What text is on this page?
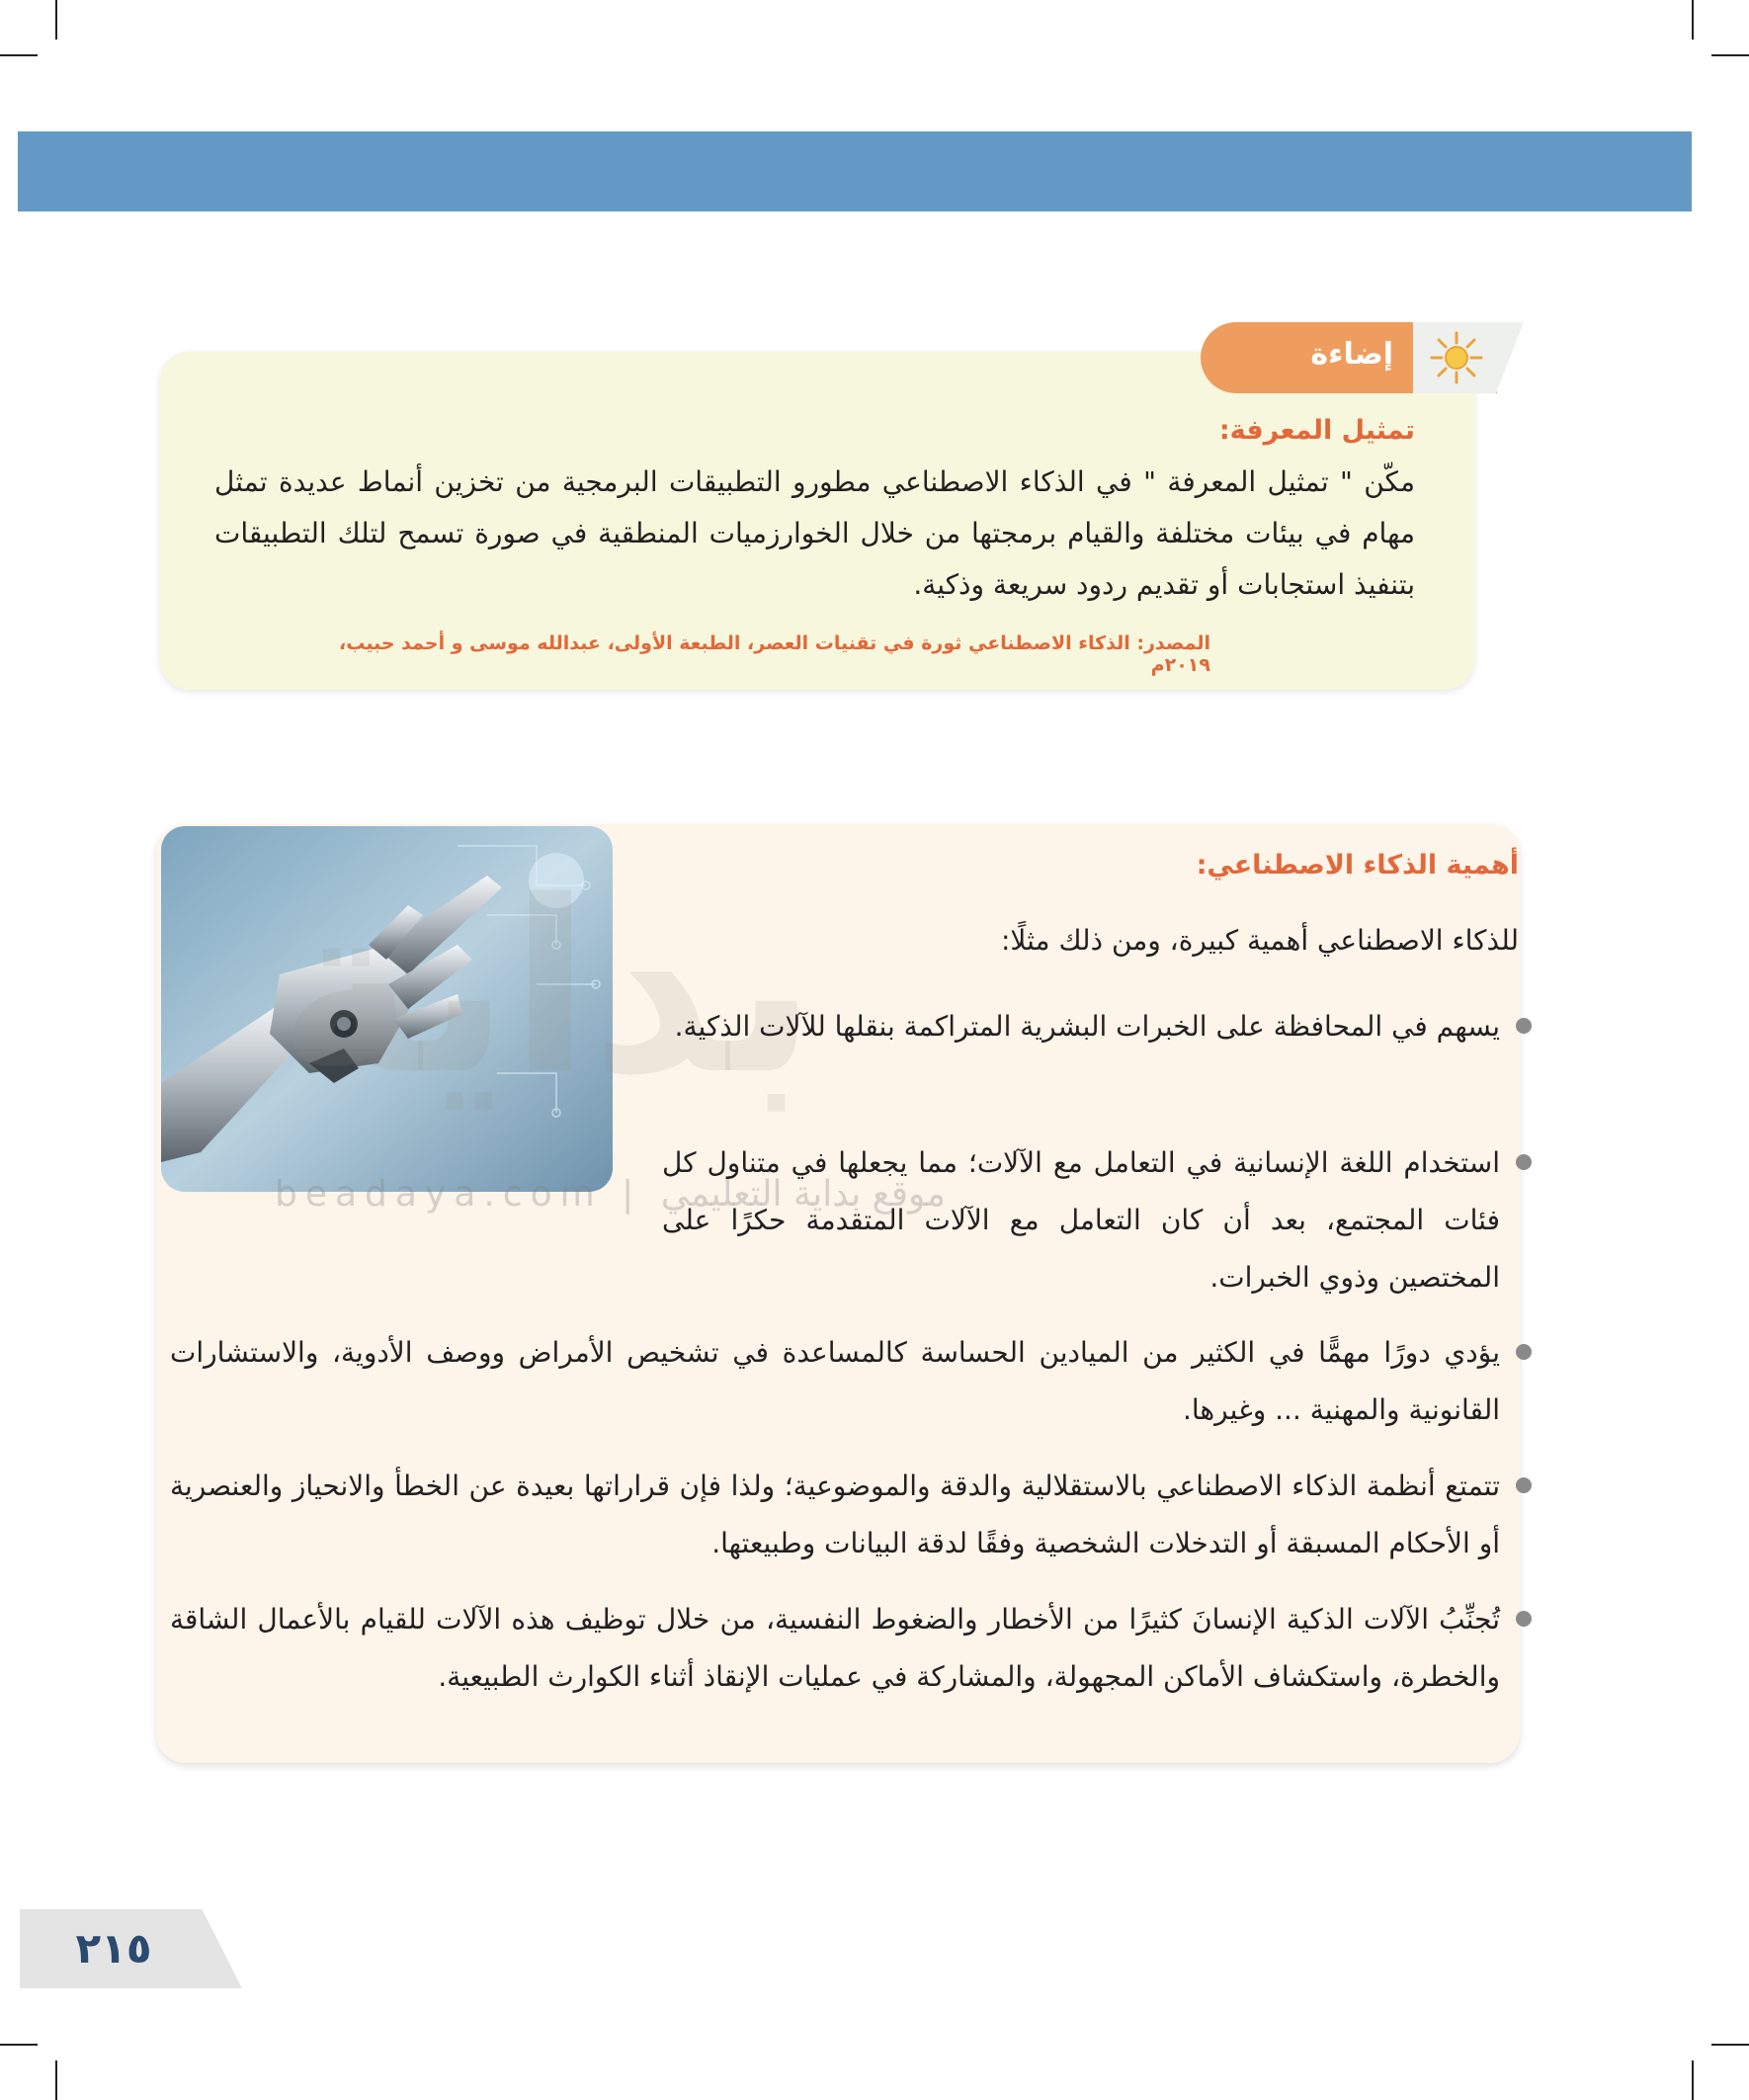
إضاءة
تمثيل المعرفة:

مكّن " تمثيل المعرفة " في الذكاء الاصطناعي مطورو التطبيقات البرمجية من تخزين أنماط عديدة تمثل مهام في بيئات مختلفة والقيام برمجتها من خلال الخوارزميات المنطقية في صورة تسمح لتلك التطبيقات بتنفيذ استجابات أو تقديم ردود سريعة وذكية.

المصدر: الذكاء الاصطناعي ثورة في تقنيات العصر، الطبعة الأولى، عبدالله موسى و أحمد حبيب، ٢٠١٩م
بداية
beadaya.com | موقع بداية التعليمي
أهمية الذكاء الاصطناعي:
للذكاء الاصطناعي أهمية كبيرة، ومن ذلك مثلًا:
يسهم في المحافظة على الخبرات البشرية المتراكمة بنقلها للآلات الذكية.
استخدام اللغة الإنسانية في التعامل مع الآلات؛ مما يجعلها في متناول كل فئات المجتمع، بعد أن كان التعامل مع الآلات المتقدمة حكرًا على المختصين وذوي الخبرات.
يؤدي دورًا مهمًّا في الكثير من الميادين الحساسة كالمساعدة في تشخيص الأمراض ووصف الأدوية، والاستشارات القانونية والمهنية ... وغيرها.
تتمتع أنظمة الذكاء الاصطناعي بالاستقلالية والدقة والموضوعية؛ ولذا فإن قراراتها بعيدة عن الخطأ والانحياز والعنصرية أو الأحكام المسبقة أو التدخلات الشخصية وفقًا لدقة البيانات وطبيعتها.
تُجنِّبُ الآلات الذكية الإنسانَ كثيرًا من الأخطار والضغوط النفسية، من خلال توظيف هذه الآلات للقيام بالأعمال الشاقة والخطرة، واستكشاف الأماكن المجهولة، والمشاركة في عمليات الإنقاذ أثناء الكوارث الطبيعية.
٢١٥
